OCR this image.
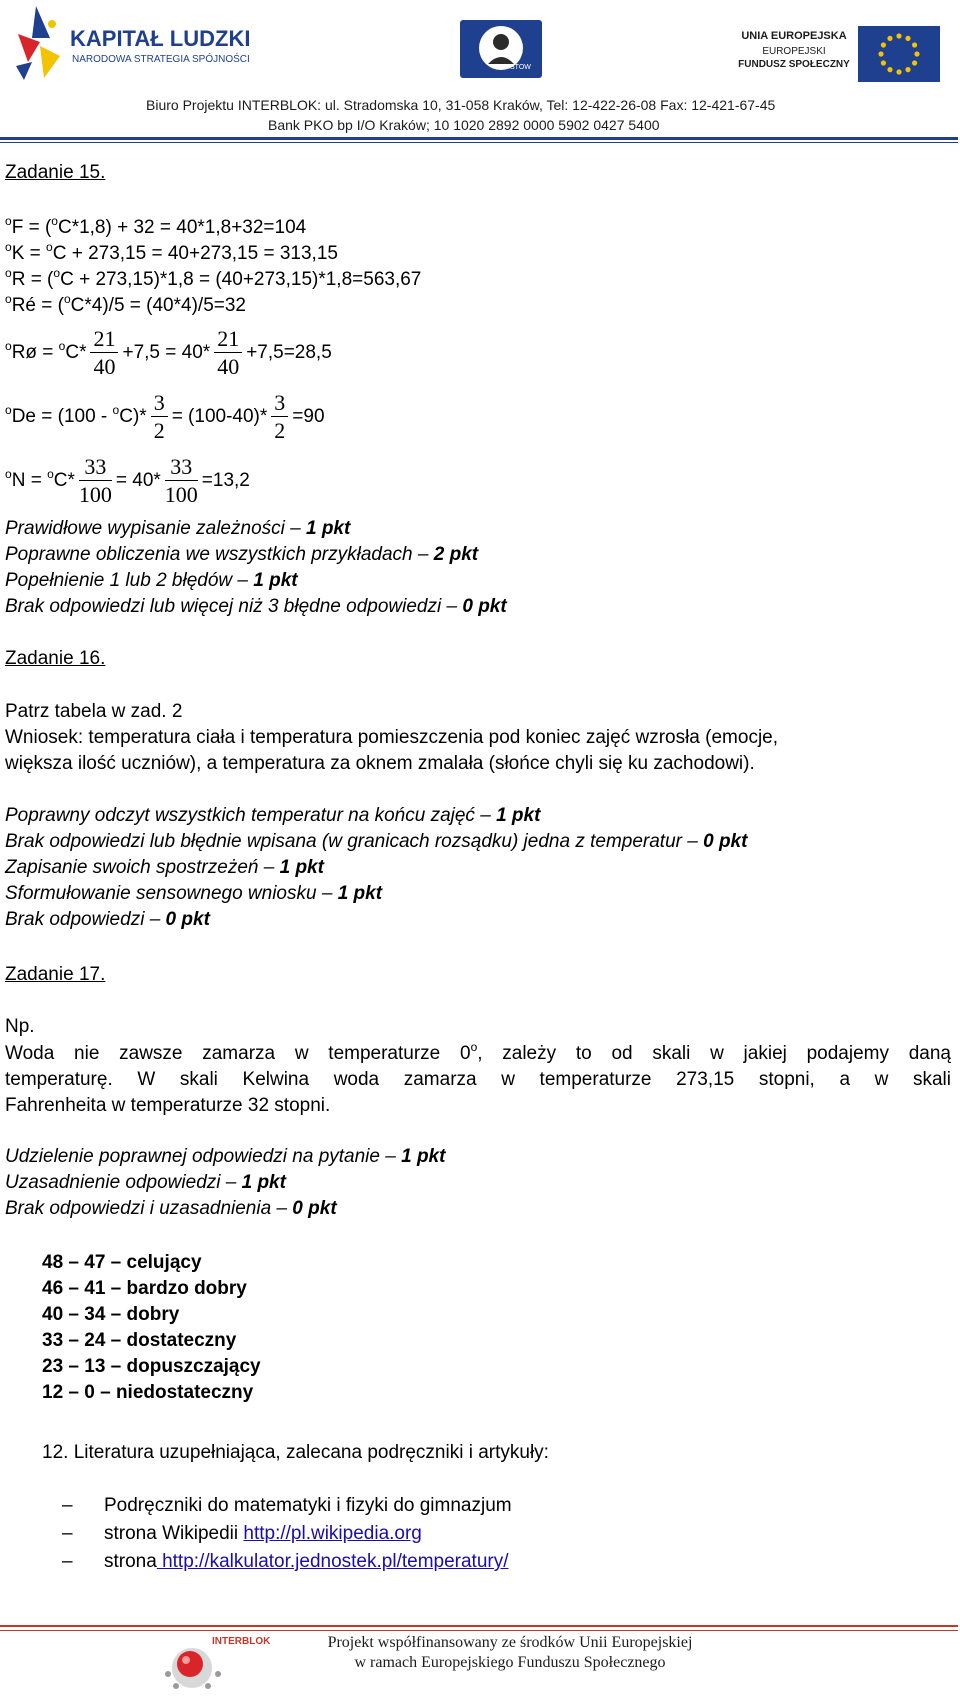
KAPITAŁ LUDZKI
NARODOWA STRATEGIA SPÓJNOŚCI
STOW
UNIA EUROPEJSKA
EUROPEJSKI
FUNDUSZ SPOŁECZNY
Biuro Projektu INTERBLOK: ul. Stradomska 10, 31-058 Kraków, Tel: 12-422-26-08 Fax: 12-421-67-45
Bank PKO bp I/O Kraków; 10 1020 2892 0000 5902 0427 5400
Zadanie 15.
$^o$F = ($^o$C*1,8) + 32 = 40*1,8+32=104
$^o$K = $^o$C + 273,15 = 40+273,15 = 313,15
$^o$R = ($^o$C + 273,15)*1,8 = (40+273,15)*1,8=563,67
$^o$Ré = ($^o$C*4)/5 = (40*4)/5=32
$^o$Rø = $^oC* \frac{21}{40} +7,5 = 40* \frac{21}{40} +7,5=28,5$
$^oDe = (100 - ^oC)* \frac{3}{2} = (100-40)* \frac{3}{2} =90$
$^oN = ^oC* \frac{33}{100} = 40* \frac{33}{100} =13,2$
Prawidłowe wypisanie zależności – 1 pkt
Poprawne obliczenia we wszystkich przykładach – 2 pkt
Popełnienie 1 lub 2 błędów – 1 pkt
Brak odpowiedzi lub więcej niż 3 błędne odpowiedzi – 0 pkt
Zadanie 16.
Patrz tabela w zad. 2
Wniosek: temperatura ciała i temperatura pomieszczenia pod koniec zajęć wzrosła (emocje,
większa ilość uczniów), a temperatura za oknem zmalała (słońce chyli się ku zachodowi).
Poprawny odczyt wszystkich temperatur na końcu zajęć – 1 pkt
Brak odpowiedzi lub błędnie wpisana (w granicach rozsądku) jedna z temperatur – 0 pkt
Zapisanie swoich spostrzeżeń – 1 pkt
Sformułowanie sensownego wniosku – 1 pkt
Brak odpowiedzi – 0 pkt
Zadanie 17.
Np.
Woda nie zawsze zamarza w temperaturze 0$^o$, zależy to od skali w jakiej podajemy daną
temperaturę. W skali Kelwina woda zamarza w temperaturze 273,15 stopni, a w skali
Fahrenheita w temperaturze 32 stopni.
Udzielenie poprawnej odpowiedzi na pytanie – 1 pkt
Uzasadnienie odpowiedzi – 1 pkt
Brak odpowiedzi i uzasadnienia – 0 pkt
48 – 47 – celujący
46 – 41 – bardzo dobry
40 – 34 – dobry
33 – 24 – dostateczny
23 – 13 – dopuszczający
12 – 0 – niedostateczny
12. Literatura uzupełniająca, zalecana podręczniki i artykuły:
– Podręczniki do matematyki i fizyki do gimnazjum
– strona Wikipedii http://pl.wikipedia.org
– strona http://kalkulator.jednostek.pl/temperatury/
INTERBLOK	Projekt współfinansowany ze środków Unii Europejskiej
w ramach Europejskiego Funduszu Społecznego
